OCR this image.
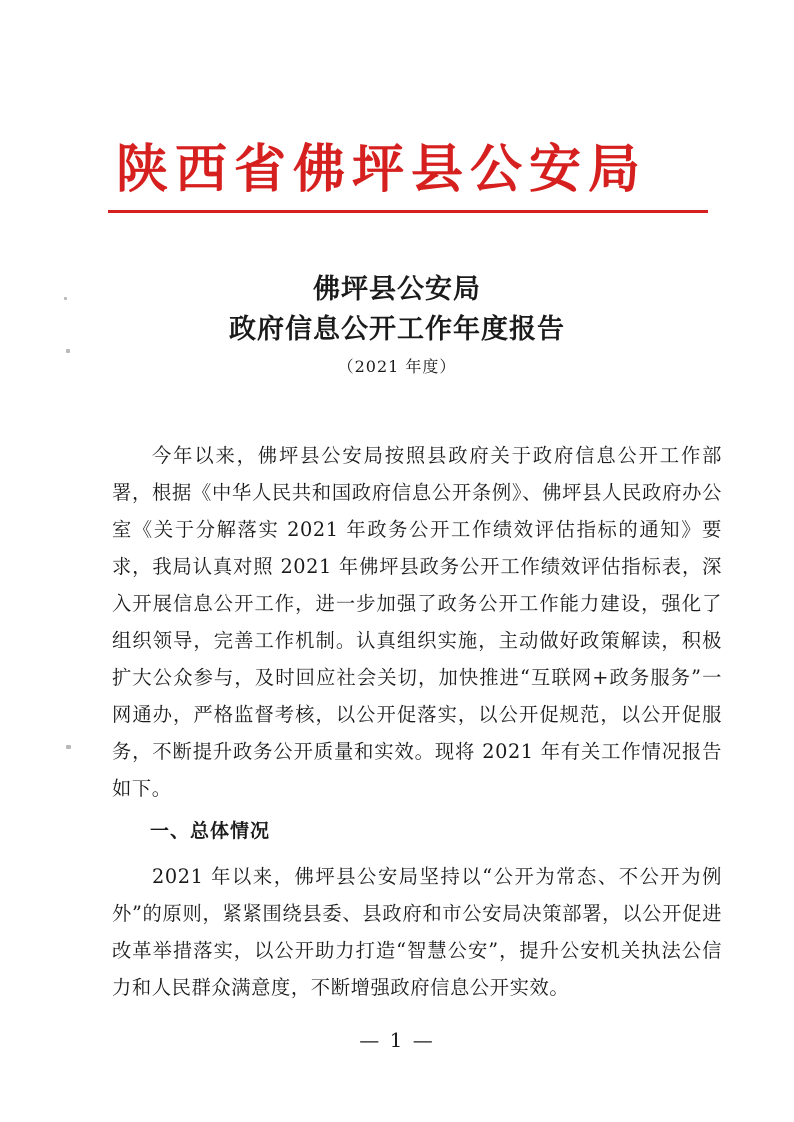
陕西省佛坪县公安局
佛坪县公安局
政府信息公开工作年度报告
（2021 年度）
今年以来，佛坪县公安局按照县政府关于政府信息公开工作部署，根据《中华人民共和国政府信息公开条例》、佛坪县人民政府办公室《关于分解落实 2021 年政务公开工作绩效评估指标的通知》要求，我局认真对照 2021 年佛坪县政务公开工作绩效评估指标表，深入开展信息公开工作，进一步加强了政务公开工作能力建设，强化了组织领导，完善工作机制。认真组织实施，主动做好政策解读，积极扩大公众参与，及时回应社会关切，加快推进“互联网+政务服务”一网通办，严格监督考核，以公开促落实，以公开促规范，以公开促服务，不断提升政务公开质量和实效。现将 2021 年有关工作情况报告如下。
一、总体情况
2021 年以来，佛坪县公安局坚持以“公开为常态、不公开为例外”的原则，紧紧围绕县委、县政府和市公安局决策部署，以公开促进改革举措落实，以公开助力打造“智慧公安”，提升公安机关执法公信力和人民群众满意度，不断增强政府信息公开实效。
— 1 —
